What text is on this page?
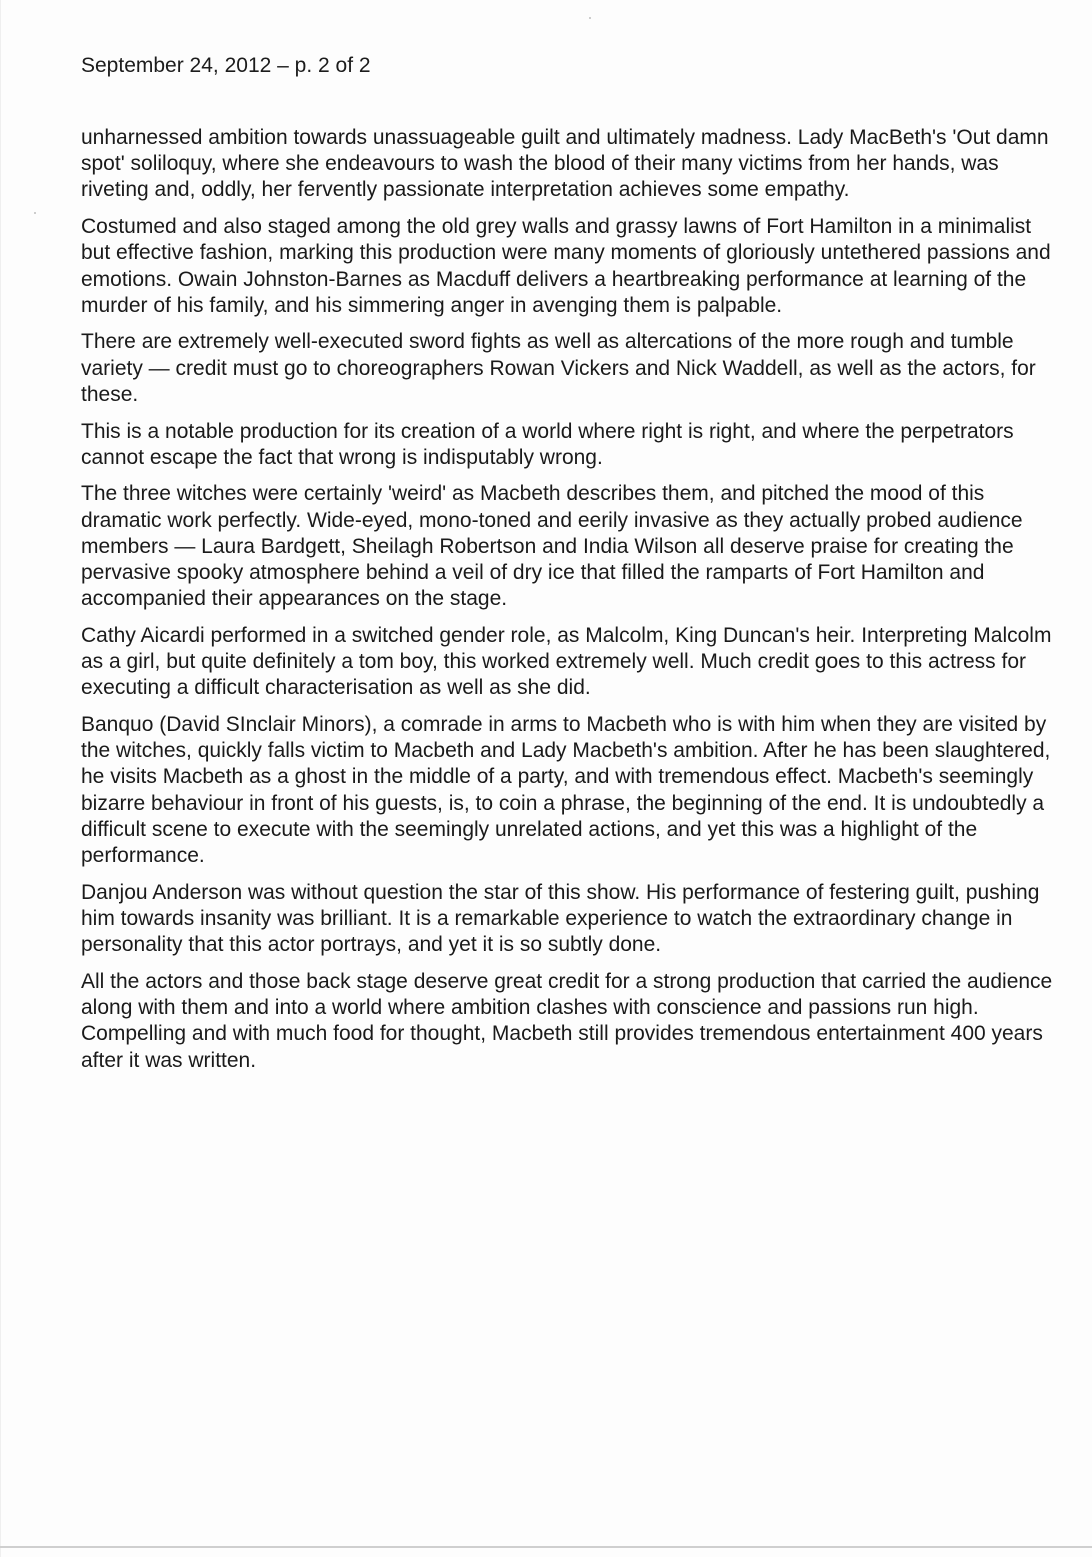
September 24, 2012 – p. 2 of 2

unharnessed ambition towards unassuageable guilt and ultimately madness. Lady MacBeth's 'Out damn spot' soliloquy, where she endeavours to wash the blood of their many victims from her hands, was riveting and, oddly, her fervently passionate interpretation achieves some empathy.

Costumed and also staged among the old grey walls and grassy lawns of Fort Hamilton in a minimalist but effective fashion, marking this production were many moments of gloriously untethered passions and emotions. Owain Johnston-Barnes as Macduff delivers a heartbreaking performance at learning of the murder of his family, and his simmering anger in avenging them is palpable.

There are extremely well-executed sword fights as well as altercations of the more rough and tumble variety — credit must go to choreographers Rowan Vickers and Nick Waddell, as well as the actors, for these.

This is a notable production for its creation of a world where right is right, and where the perpetrators cannot escape the fact that wrong is indisputably wrong.

The three witches were certainly 'weird' as Macbeth describes them, and pitched the mood of this dramatic work perfectly. Wide-eyed, mono-toned and eerily invasive as they actually probed audience members — Laura Bardgett, Sheilagh Robertson and India Wilson all deserve praise for creating the pervasive spooky atmosphere behind a veil of dry ice that filled the ramparts of Fort Hamilton and accompanied their appearances on the stage.

Cathy Aicardi performed in a switched gender role, as Malcolm, King Duncan's heir. Interpreting Malcolm as a girl, but quite definitely a tom boy, this worked extremely well. Much credit goes to this actress for executing a difficult characterisation as well as she did.

Banquo (David SInclair Minors), a comrade in arms to Macbeth who is with him when they are visited by the witches, quickly falls victim to Macbeth and Lady Macbeth's ambition. After he has been slaughtered, he visits Macbeth as a ghost in the middle of a party, and with tremendous effect. Macbeth's seemingly bizarre behaviour in front of his guests, is, to coin a phrase, the beginning of the end. It is undoubtedly a difficult scene to execute with the seemingly unrelated actions, and yet this was a highlight of the performance.

Danjou Anderson was without question the star of this show. His performance of festering guilt, pushing him towards insanity was brilliant. It is a remarkable experience to watch the extraordinary change in personality that this actor portrays, and yet it is so subtly done.

All the actors and those back stage deserve great credit for a strong production that carried the audience along with them and into a world where ambition clashes with conscience and passions run high. Compelling and with much food for thought, Macbeth still provides tremendous entertainment 400 years after it was written.
